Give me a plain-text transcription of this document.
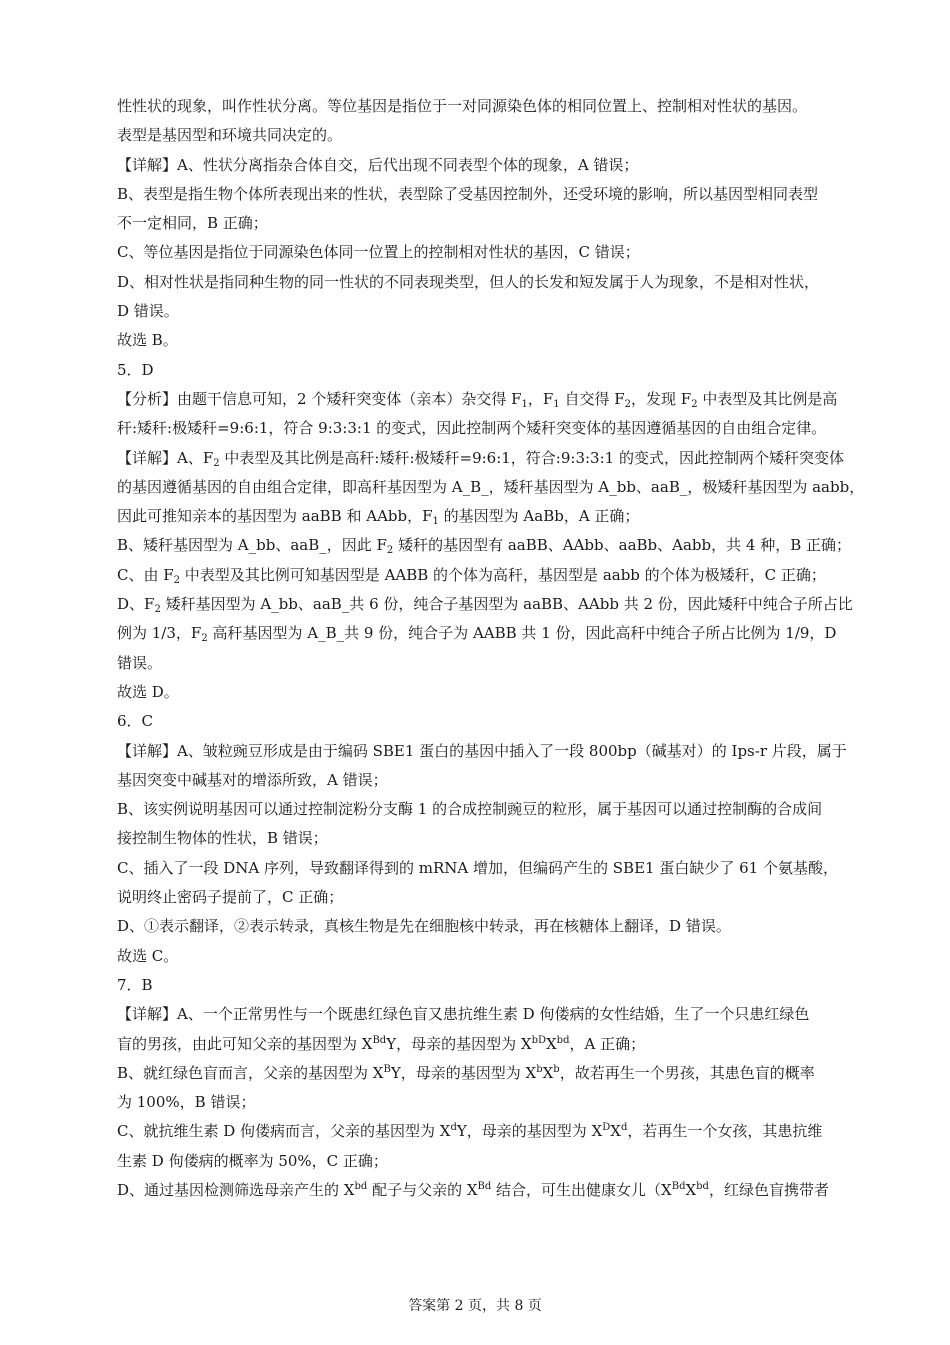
性性状的现象，叫作性状分离。等位基因是指位于一对同源染色体的相同位置上、控制相对性状的基因。

表型是基因型和环境共同决定的。

【详解】A、性状分离指杂合体自交，后代出现不同表型个体的现象，A 错误；

B、表型是指生物个体所表现出来的性状，表型除了受基因控制外，还受环境的影响，所以基因型相同表型

不一定相同，B 正确；

C、等位基因是指位于同源染色体同一位置上的控制相对性状的基因，C 错误；

D、相对性状是指同种生物的同一性状的不同表现类型，但人的长发和短发属于人为现象，不是相对性状，

D 错误。

故选 B。

5．D

【分析】由题干信息可知，2 个矮秆突变体（亲本）杂交得 $F_1$，$F_1$ 自交得 $F_2$，发现 $F_2$ 中表型及其比例是高

秆:矮秆:极矮秆=9:6:1，符合 9:3:3:1 的变式，因此控制两个矮秆突变体的基因遵循基因的自由组合定律。

【详解】A、$F_2$ 中表型及其比例是高秆:矮秆:极矮秆=9:6:1，符合:9:3:3:1 的变式，因此控制两个矮秆突变体

的基因遵循基因的自由组合定律，即高秆基因型为 A_B_，矮秆基因型为 A_bb、aaB_，极矮秆基因型为 aabb，

因此可推知亲本的基因型为 aaBB 和 AAbb，$F_1$ 的基因型为 AaBb，A 正确；

B、矮秆基因型为 A_bb、aaB_，因此 $F_2$ 矮秆的基因型有 aaBB、AAbb、aaBb、Aabb，共 4 种，B 正确；

C、由 $F_2$ 中表型及其比例可知基因型是 AABB 的个体为高秆，基因型是 aabb 的个体为极矮秆，C 正确；

D、$F_2$ 矮秆基因型为 A_bb、aaB_共 6 份，纯合子基因型为 aaBB、AAbb 共 2 份，因此矮秆中纯合子所占比

例为 1/3，$F_2$ 高秆基因型为 A_B_共 9 份，纯合子为 AABB 共 1 份，因此高秆中纯合子所占比例为 1/9，D

错误。

故选 D。

6．C

【详解】A、皱粒豌豆形成是由于编码 SBE1 蛋白的基因中插入了一段 800bp（碱基对）的 Ips-r 片段，属于

基因突变中碱基对的增添所致，A 错误；

B、该实例说明基因可以通过控制淀粉分支酶 1 的合成控制豌豆的粒形，属于基因可以通过控制酶的合成间

接控制生物体的性状，B 错误；

C、插入了一段 DNA 序列，导致翻译得到的 mRNA 增加，但编码产生的 SBE1 蛋白缺少了 61 个氨基酸，

说明终止密码子提前了，C 正确；

D、①表示翻译，②表示转录，真核生物是先在细胞核中转录，再在核糖体上翻译，D 错误。

故选 C。

7．B

【详解】A、一个正常男性与一个既患红绿色盲又患抗维生素 D 佝偻病的女性结婚，生了一个只患红绿色

盲的男孩，由此可知父亲的基因型为 $X^{Bd}Y$，母亲的基因型为 $X^{bD}X^{bd}$，A 正确；

B、就红绿色盲而言，父亲的基因型为 $X^BY$，母亲的基因型为 $X^bX^b$，故若再生一个男孩，其患色盲的概率

为 100%，B 错误；

C、就抗维生素 D 佝偻病而言，父亲的基因型为 $X^dY$，母亲的基因型为 $X^DX^d$，若再生一个女孩，其患抗维

生素 D 佝偻病的概率为 50%，C 正确；

D、通过基因检测筛选母亲产生的 $X^{bd}$ 配子与父亲的 $X^{Bd}$ 结合，可生出健康女儿（$X^{Bd}X^{bd}$，红绿色盲携带者

答案第 2 页，共 8 页
